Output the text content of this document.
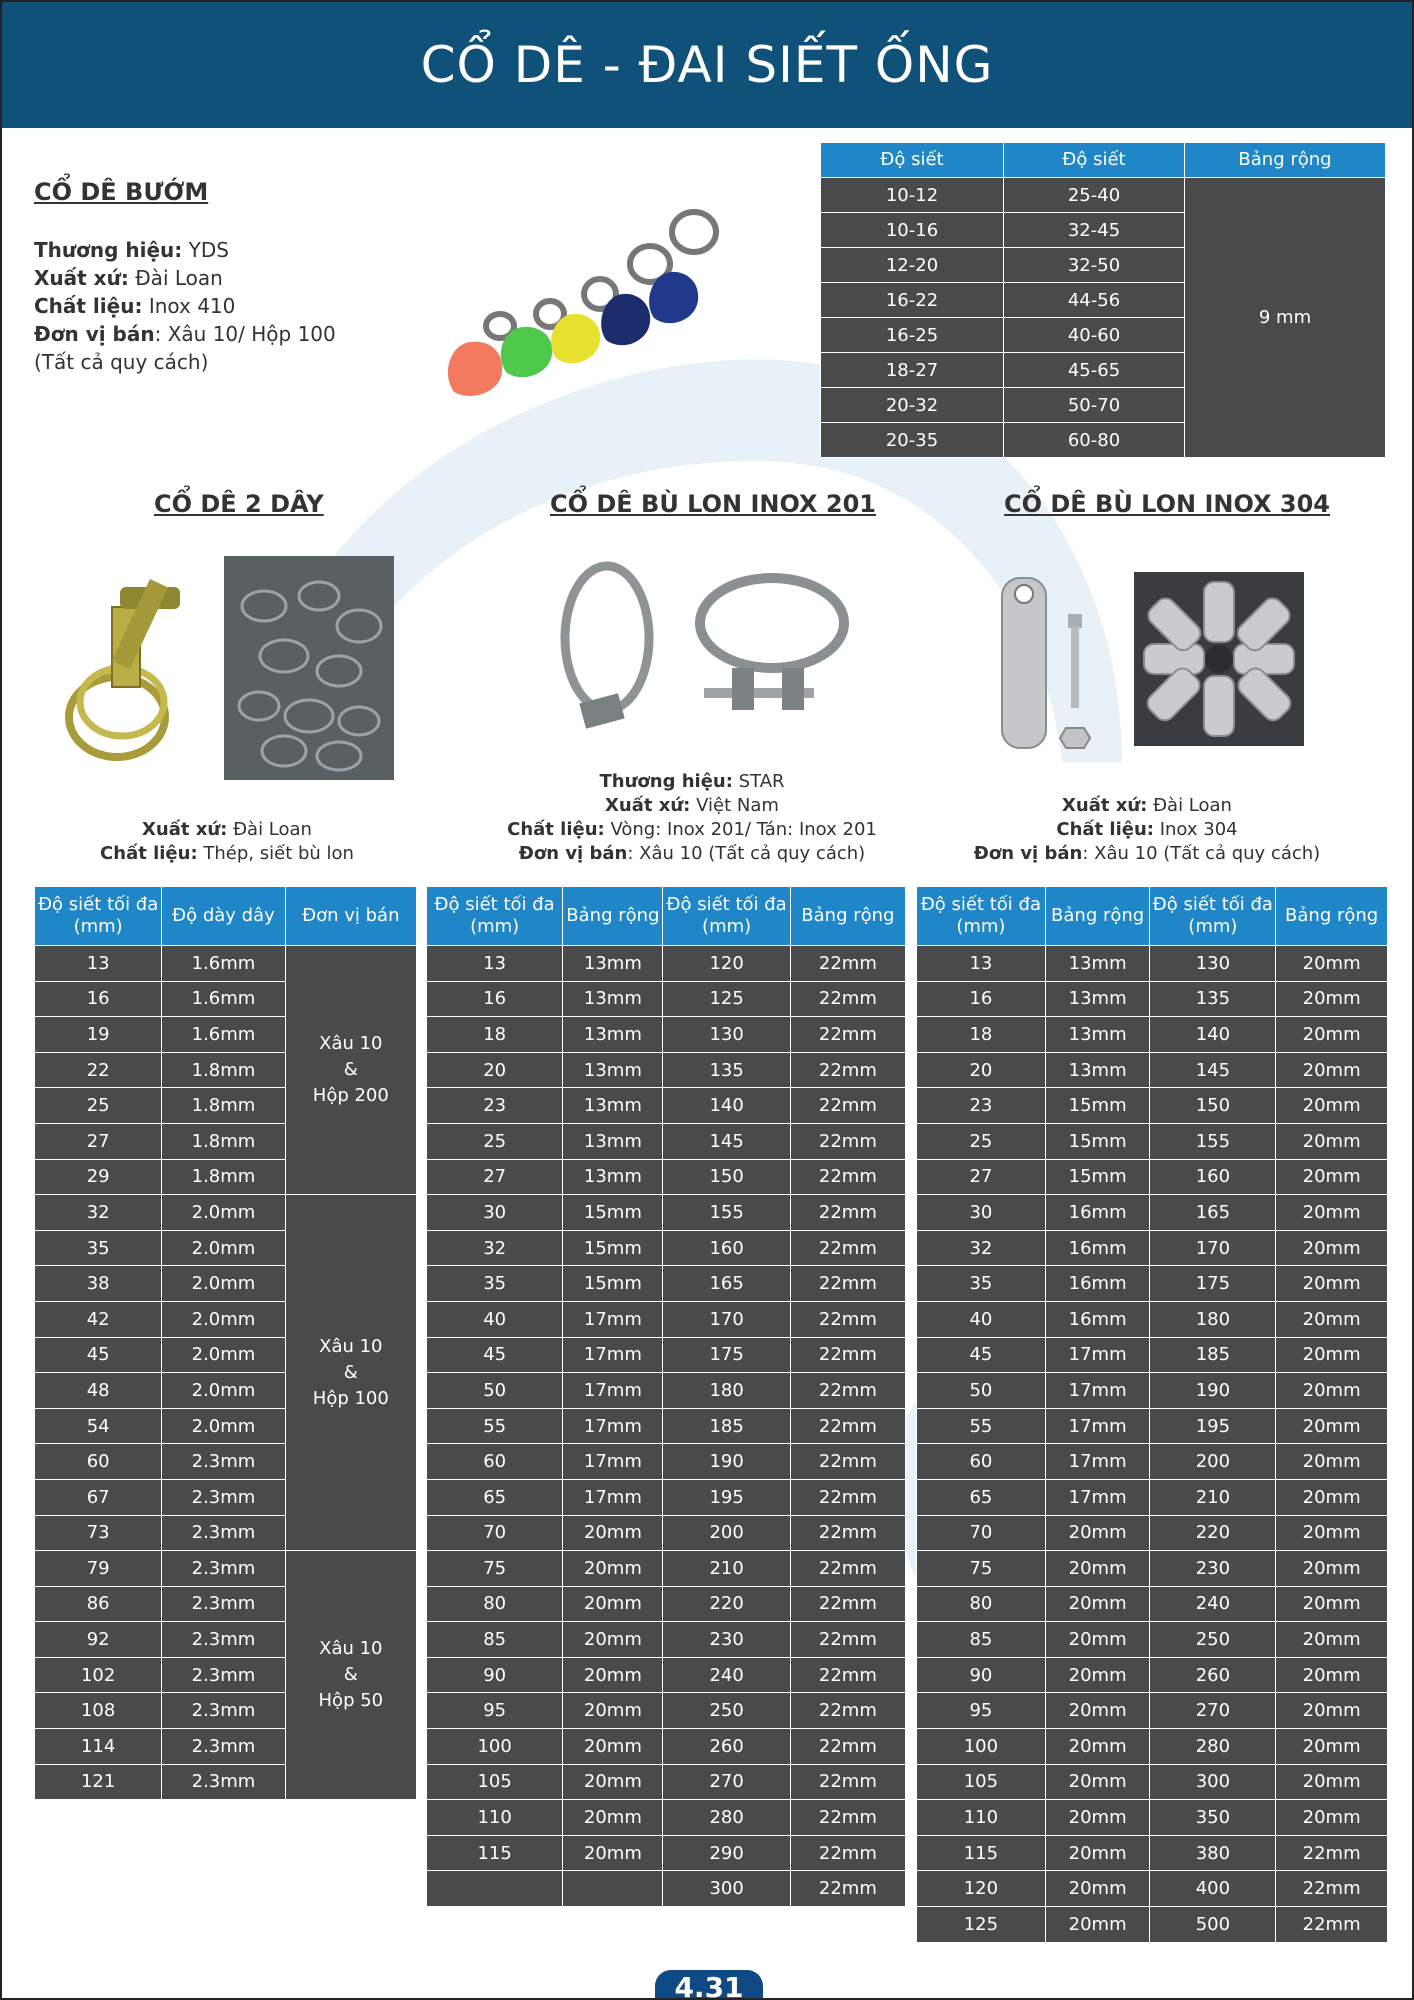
CỔ DÊ - ĐAI SIẾT ỐNG
CỔ DÊ BƯỚM
Thương hiệu: YDS
Xuất xứ: Đài Loan
Chất liệu: Inox 410
Đơn vị bán: Xâu 10/ Hộp 100
(Tất cả quy cách)
Độ siết	Độ siết	Bảng rộng
10-12	25-40	9 mm
10-16	32-45	
12-20	32-50	
16-22	44-56	
16-25	40-60	
18-27	45-65	
20-32	50-70	
20-35	60-80	
CỔ DÊ 2 DÂY
Xuất xứ: Đài Loan
Chất liệu: Thép, siết bù lon
Độ siết tối đa (mm)	Độ dày dây	Đơn vị bán
13	1.6mm	Xâu 10
&
Hộp 200

16	1.6mm	
19	1.6mm	
22	1.8mm	
25	1.8mm	
27	1.8mm	
29	1.8mm	
32	2.0mm	Xâu 10
&
Hộp 100

35	2.0mm	
38	2.0mm	
42	2.0mm	
45	2.0mm	
48	2.0mm	
54	2.0mm	
60	2.3mm	
67	2.3mm	
73	2.3mm	
79	2.3mm	Xâu 10
&
Hộp 50

86	2.3mm	
92	2.3mm	
102	2.3mm	
108	2.3mm	
114	2.3mm	
121	2.3mm	
CỔ DÊ BÙ LON INOX 201
Thương hiệu: STAR
Xuất xứ: Việt Nam
Chất liệu: Vòng: Inox 201/ Tán: Inox 201
Đơn vị bán: Xâu 10 (Tất cả quy cách)
Độ siết tối đa (mm)	Bảng rộng	Độ siết tối đa (mm)	Bảng rộng
13	13mm	120	22mm
16	13mm	125	22mm
18	13mm	130	22mm
20	13mm	135	22mm
23	13mm	140	22mm
25	13mm	145	22mm
27	13mm	150	22mm
30	15mm	155	22mm
32	15mm	160	22mm
35	15mm	165	22mm
40	17mm	170	22mm
45	17mm	175	22mm
50	17mm	180	22mm
55	17mm	185	22mm
60	17mm	190	22mm
65	17mm	195	22mm
70	20mm	200	22mm
75	20mm	210	22mm
80	20mm	220	22mm
85	20mm	230	22mm
90	20mm	240	22mm
95	20mm	250	22mm
100	20mm	260	22mm
105	20mm	270	22mm
110	20mm	280	22mm
115	20mm	290	22mm
		300	22mm
CỔ DÊ BÙ LON INOX 304
Xuất xứ: Đài Loan
Chất liệu: Inox 304
Đơn vị bán: Xâu 10 (Tất cả quy cách)
Độ siết tối đa (mm)	Bảng rộng	Độ siết tối đa (mm)	Bảng rộng
13	13mm	130	20mm
16	13mm	135	20mm
18	13mm	140	20mm
20	13mm	145	20mm
23	15mm	150	20mm
25	15mm	155	20mm
27	15mm	160	20mm
30	16mm	165	20mm
32	16mm	170	20mm
35	16mm	175	20mm
40	16mm	180	20mm
45	17mm	185	20mm
50	17mm	190	20mm
55	17mm	195	20mm
60	17mm	200	20mm
65	17mm	210	20mm
70	20mm	220	20mm
75	20mm	230	20mm
80	20mm	240	20mm
85	20mm	250	20mm
90	20mm	260	20mm
95	20mm	270	20mm
100	20mm	280	20mm
105	20mm	300	20mm
110	20mm	350	20mm
115	20mm	380	22mm
120	20mm	400	22mm
125	20mm	500	22mm
4.31
